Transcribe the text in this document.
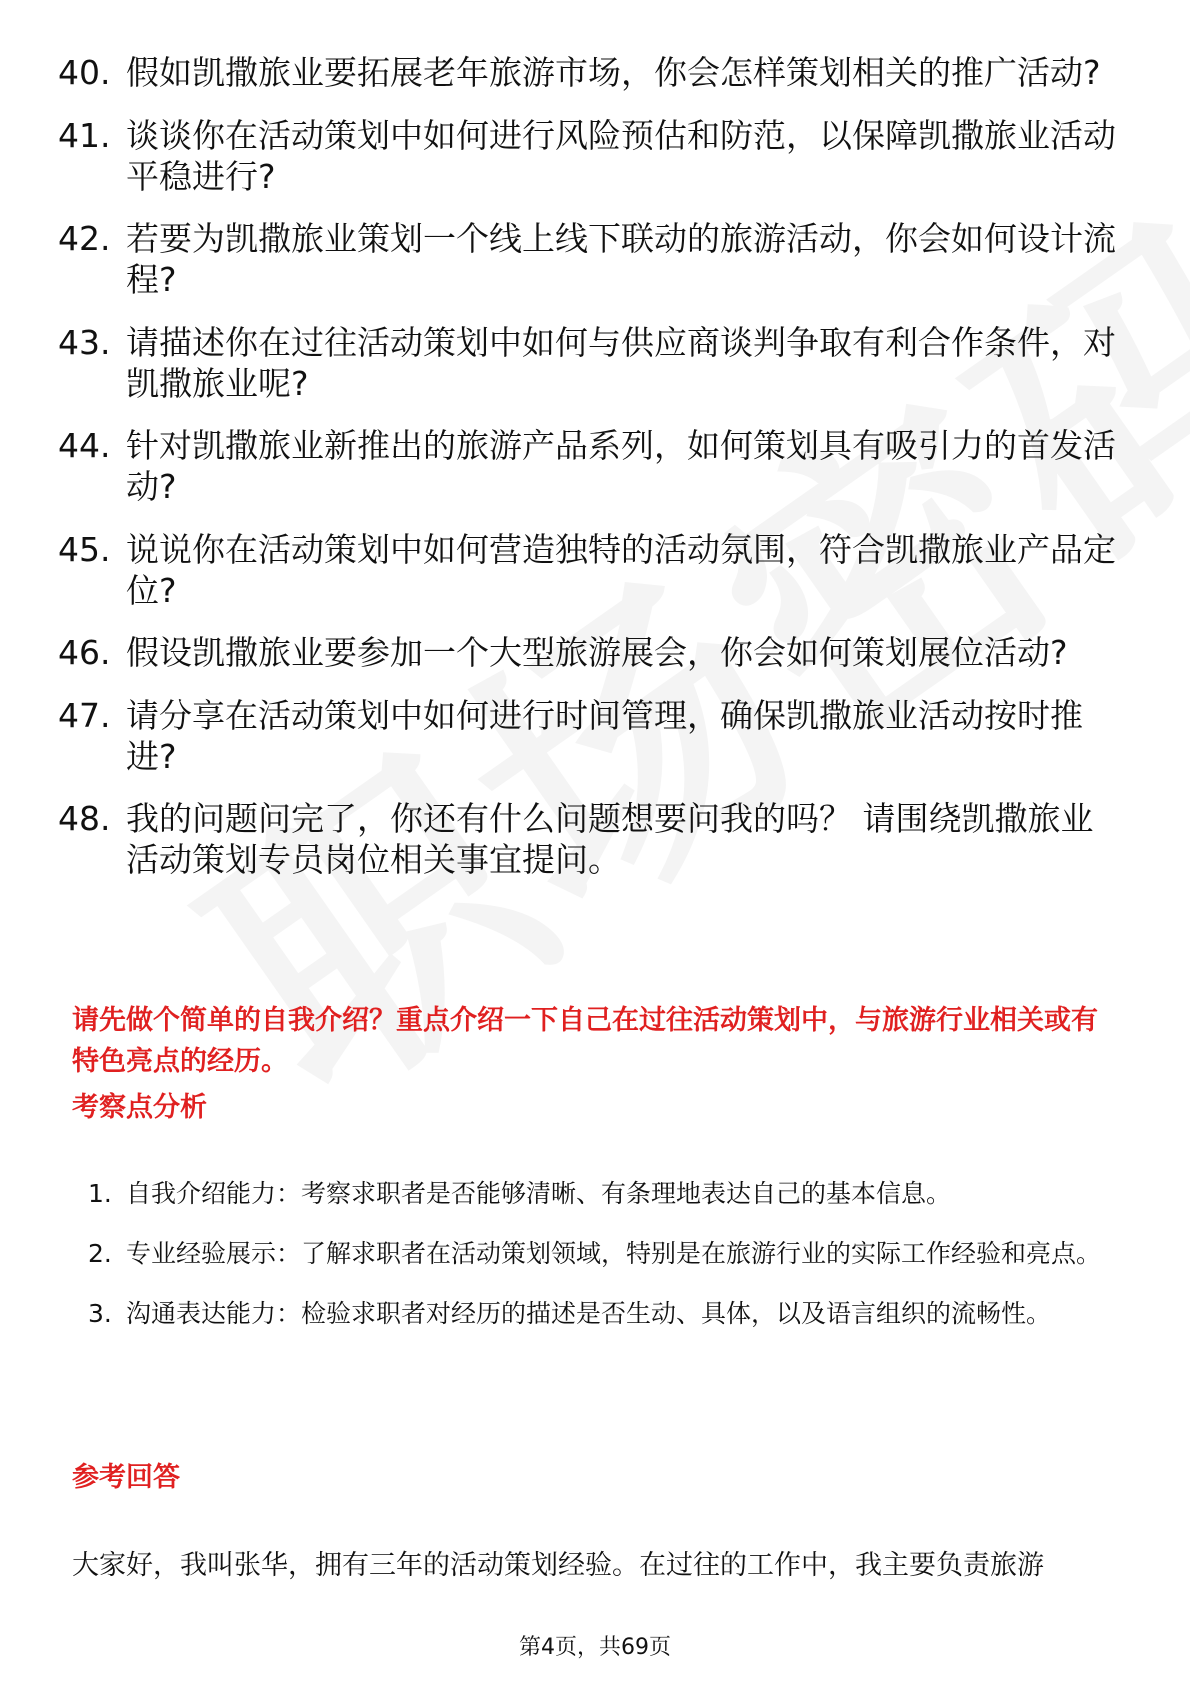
40. 假如凯撒旅业要拓展老年旅游市场，你会怎样策划相关的推广活动?
41. 谈谈你在活动策划中如何进行风险预估和防范，以保障凯撒旅业活动平稳进行?
42. 若要为凯撒旅业策划一个线上线下联动的旅游活动，你会如何设计流程?
43. 请描述你在过往活动策划中如何与供应商谈判争取有利合作条件，对凯撒旅业呢?
44. 针对凯撒旅业新推出的旅游产品系列，如何策划具有吸引力的首发活动?
45. 说说你在活动策划中如何营造独特的活动氛围，符合凯撒旅业产品定位?
46. 假设凯撒旅业要参加一个大型旅游展会，你会如何策划展位活动?
47. 请分享在活动策划中如何进行时间管理，确保凯撒旅业活动按时推进?
48. 我的问题问完了，你还有什么问题想要问我的吗？ 请围绕凯撒旅业活动策划专员岗位相关事宜提问。
请先做个简单的自我介绍？重点介绍一下自己在过往活动策划中，与旅游行业相关或有特色亮点的经历。
考察点分析
1. 自我介绍能力：考察求职者是否能够清晰、有条理地表达自己的基本信息。
2. 专业经验展示：了解求职者在活动策划领域，特别是在旅游行业的实际工作经验和亮点。
3. 沟通表达能力：检验求职者对经历的描述是否生动、具体，以及语言组织的流畅性。
参考回答

大家好，我叫张华，拥有三年的活动策划经验。在过往的工作中，我主要负责旅游

第4页，共69页
